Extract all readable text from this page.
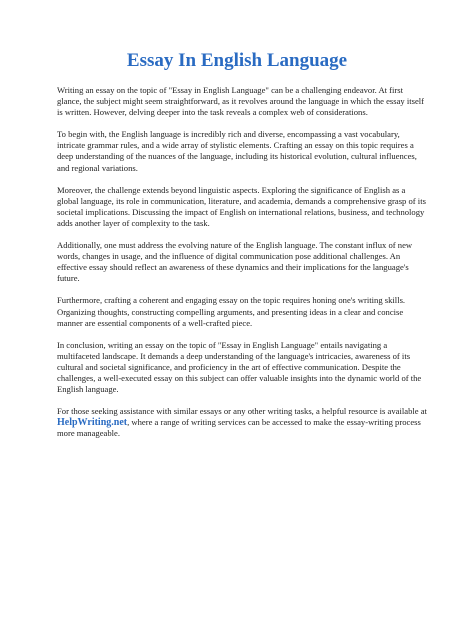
Essay In English Language

Writing an essay on the topic of "Essay in English Language" can be a challenging endeavor. At first glance, the subject might seem straightforward, as it revolves around the language in which the essay itself is written. However, delving deeper into the task reveals a complex web of considerations.

To begin with, the English language is incredibly rich and diverse, encompassing a vast vocabulary, intricate grammar rules, and a wide array of stylistic elements. Crafting an essay on this topic requires a deep understanding of the nuances of the language, including its historical evolution, cultural influences, and regional variations.

Moreover, the challenge extends beyond linguistic aspects. Exploring the significance of English as a global language, its role in communication, literature, and academia, demands a comprehensive grasp of its societal implications. Discussing the impact of English on international relations, business, and technology adds another layer of complexity to the task.

Additionally, one must address the evolving nature of the English language. The constant influx of new words, changes in usage, and the influence of digital communication pose additional challenges. An effective essay should reflect an awareness of these dynamics and their implications for the language's future.

Furthermore, crafting a coherent and engaging essay on the topic requires honing one's writing skills. Organizing thoughts, constructing compelling arguments, and presenting ideas in a clear and concise manner are essential components of a well-crafted piece.

In conclusion, writing an essay on the topic of "Essay in English Language" entails navigating a multifaceted landscape. It demands a deep understanding of the language's intricacies, awareness of its cultural and societal significance, and proficiency in the art of effective communication. Despite the challenges, a well-executed essay on this subject can offer valuable insights into the dynamic world of the English language.

For those seeking assistance with similar essays or any other writing tasks, a helpful resource is available at HelpWriting.net, where a range of writing services can be accessed to make the essay-writing process more manageable.
